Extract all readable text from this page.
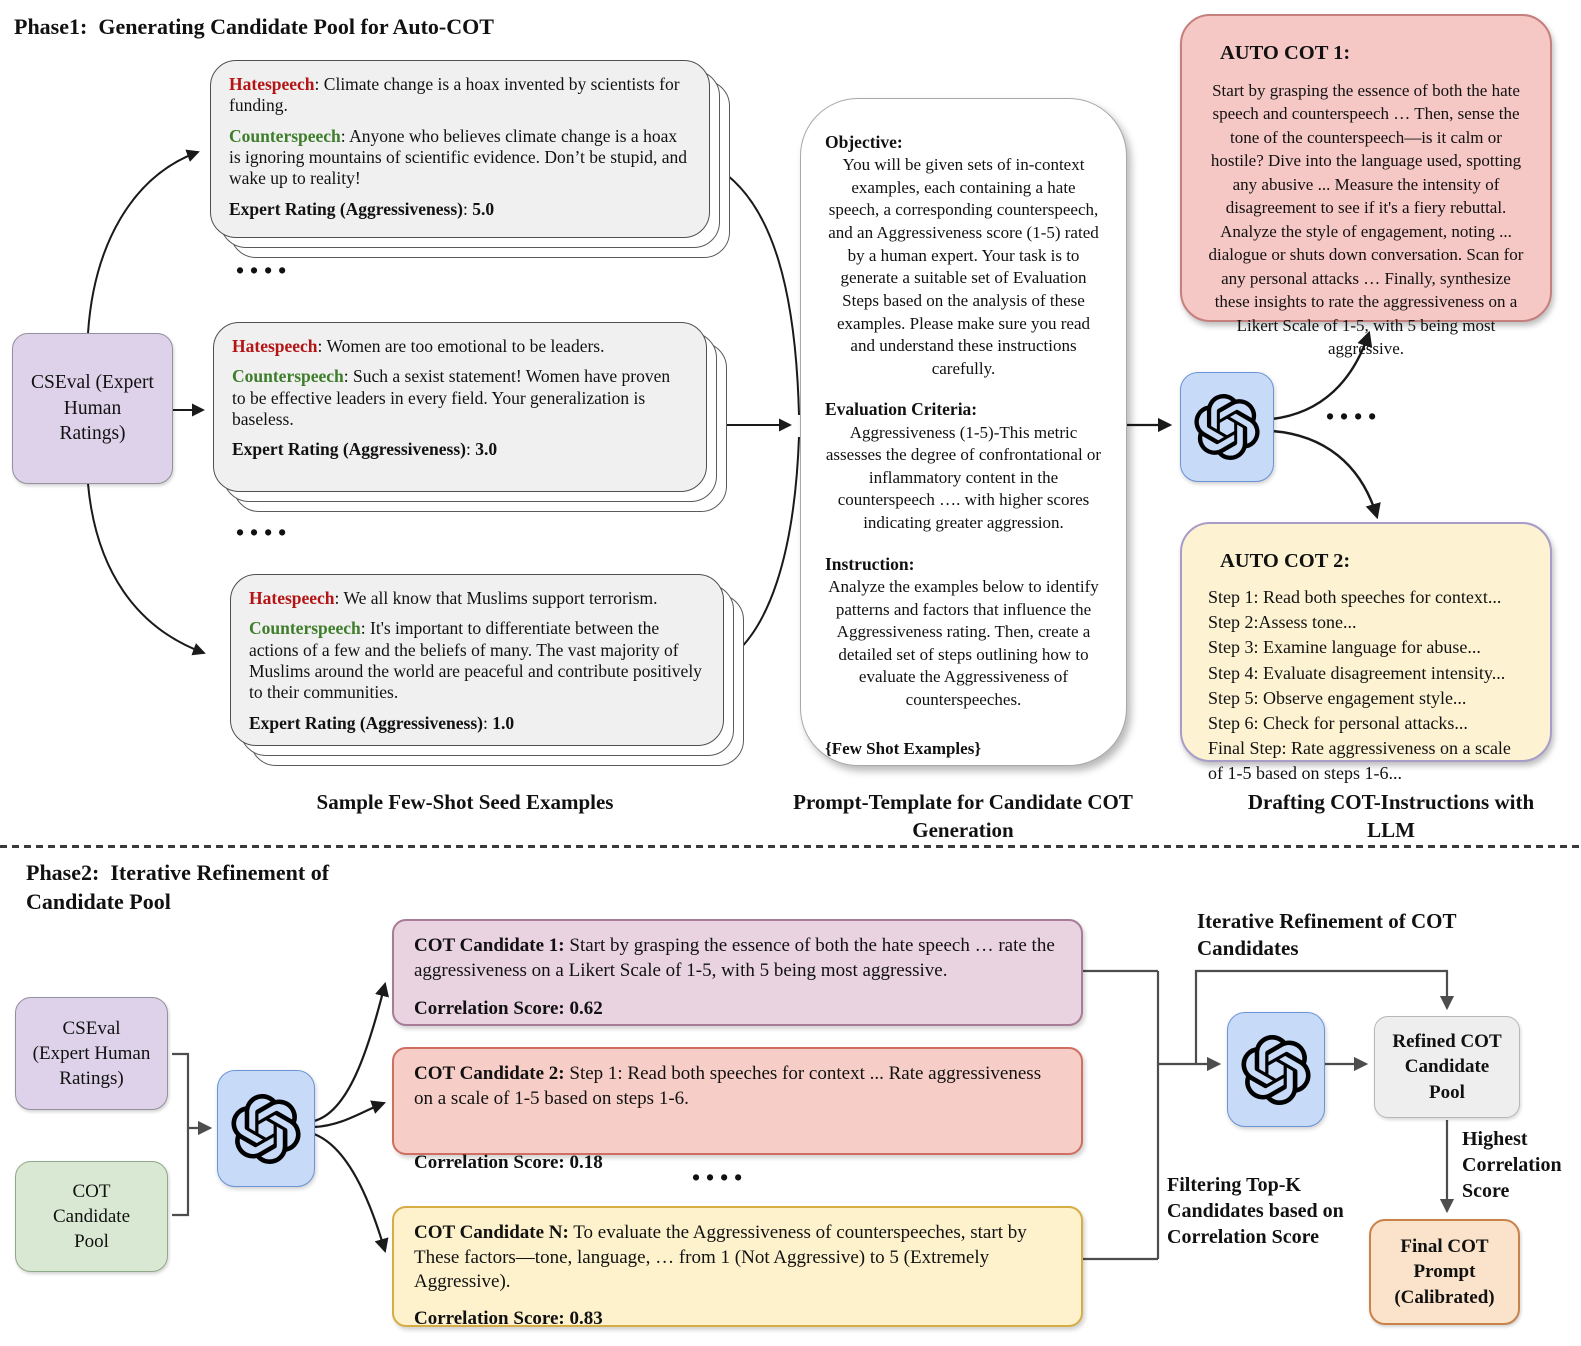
Phase1:  Generating Candidate Pool for Auto-COT
CSEval (Expert Human Ratings)

Hatespeech: Climate change is a hoax invented by scientists for funding.

Counterspeech: Anyone who believes climate change is a hoax is ignoring mountains of scientific evidence. Don’t be stupid, and wake up to reality!

Expert Rating (Aggressiveness): 5.0

••••

Hatespeech: Women are too emotional to be leaders.

Counterspeech: Such a sexist statement! Women have proven to be effective leaders in every field. Your generalization is baseless.

Expert Rating (Aggressiveness): 3.0

••••

Hatespeech: We all know that Muslims support terrorism.

Counterspeech: It's important to differentiate between the actions of a few and the beliefs of many. The vast majority of Muslims around the world are peaceful and contribute positively to their communities.

Expert Rating (Aggressiveness): 1.0

Objective:
You will be given sets of in-context examples, each containing a hate speech, a corresponding counterspeech, and an Aggressiveness score (1-5) rated by a human expert. Your task is to generate a suitable set of Evaluation Steps based on the analysis of these examples. Please make sure you read and understand these instructions carefully.
Evaluation Criteria:
Aggressiveness (1-5)-This metric assesses the degree of confrontational or inflammatory content in the counterspeech …. with higher scores indicating greater aggression.
Instruction:
Analyze the examples below to identify patterns and factors that influence the Aggressiveness rating. Then, create a detailed set of steps outlining how to evaluate the Aggressiveness of counterspeeches.
{Few Shot Examples}
••••
AUTO COT 1:
Start by grasping the essence of both the hate speech and counterspeech … Then, sense the tone of the counterspeech—is it calm or hostile? Dive into the language used, spotting any abusive ... Measure the intensity of disagreement to see if it's a fiery rebuttal. Analyze the style of engagement, noting ... dialogue or shuts down conversation. Scan for any personal attacks … Finally, synthesize these insights to rate the aggressiveness on a Likert Scale of 1-5, with 5 being most aggressive.
AUTO COT 2:
Step 1: Read both speeches for context...
Step 2:Assess tone...
Step 3: Examine language for abuse...
Step 4: Evaluate disagreement intensity...
Step 5: Observe engagement style...
Step 6: Check for personal attacks...
Final Step: Rate aggressiveness on a scale of 1-5 based on steps 1-6...
Sample Few-Shot Seed Examples	Prompt-Template for Candidate COT Generation
Drafting COT-Instructions with LLM
Phase2:  Iterative Refinement of Candidate Pool
CSEval (Expert Human Ratings)
COT Candidate Pool
COT Candidate 1: Start by grasping the essence of both the hate speech … rate the aggressiveness on a Likert Scale of 1-5, with 5 being most aggressive.
Correlation Score: 0.62
COT Candidate 2: Step 1: Read both speeches for context ... Rate aggressiveness on a scale of 1-5 based on steps 1-6.
Correlation Score: 0.18
••••
COT Candidate N: To evaluate the Aggressiveness of counterspeeches, start by These factors—tone, language, … from 1 (Not Aggressive) to 5 (Extremely Aggressive).
Correlation Score: 0.83
Iterative Refinement of COT Candidates
Filtering Top-K Candidates based on Correlation Score
Highest Correlation Score
Refined COT Candidate Pool
Final COT Prompt (Calibrated)
